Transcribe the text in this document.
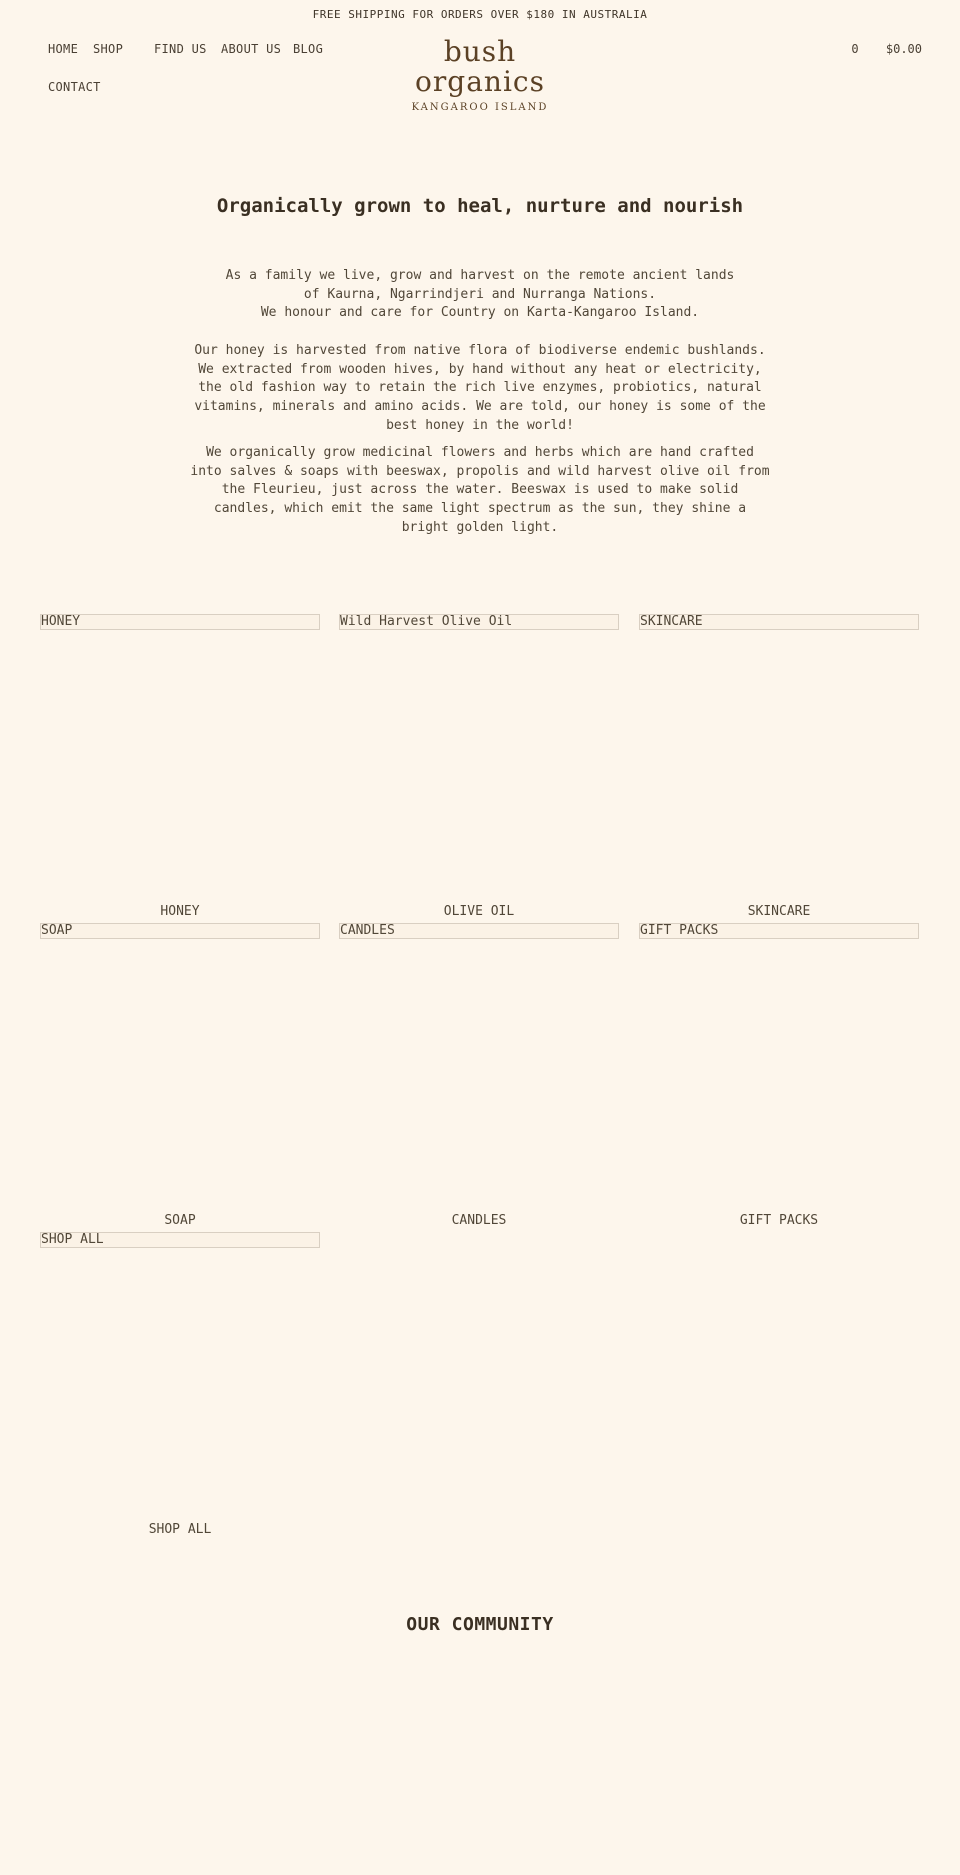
FREE SHIPPING FOR ORDERS OVER $180 IN AUSTRALIA
HOME SHOP	FIND US ABOUT US BLOG
CONTACT
bush
organics
KANGAROO ISLAND
0 $0.00
Organically grown to heal, nurture and nourish
As a family we live, grow and harvest on the remote ancient lands
of Kaurna, Ngarrindjeri and Nurranga Nations.
We honour and care for Country on Karta-Kangaroo Island.

Our honey is harvested from native flora of biodiverse endemic bushlands. We extracted from wooden hives, by hand without any heat or electricity, the old fashion way to retain the rich live enzymes, probiotics, natural vitamins, minerals and amino acids. We are told, our honey is some of the best honey in the world!

We organically grow medicinal flowers and herbs which are hand crafted into salves & soaps with beeswax, propolis and wild harvest olive oil from the Fleurieu, just across the water. Beeswax is used to make solid candles, which emit the same light spectrum as the sun, they shine a bright golden light.

HONEY
HONEY
Wild Harvest Olive Oil
OLIVE OIL
SKINCARE
SKINCARE
SOAP
SOAP
CANDLES
CANDLES
GIFT PACKS
GIFT PACKS
SHOP ALL
SHOP ALL
OUR COMMUNITY
